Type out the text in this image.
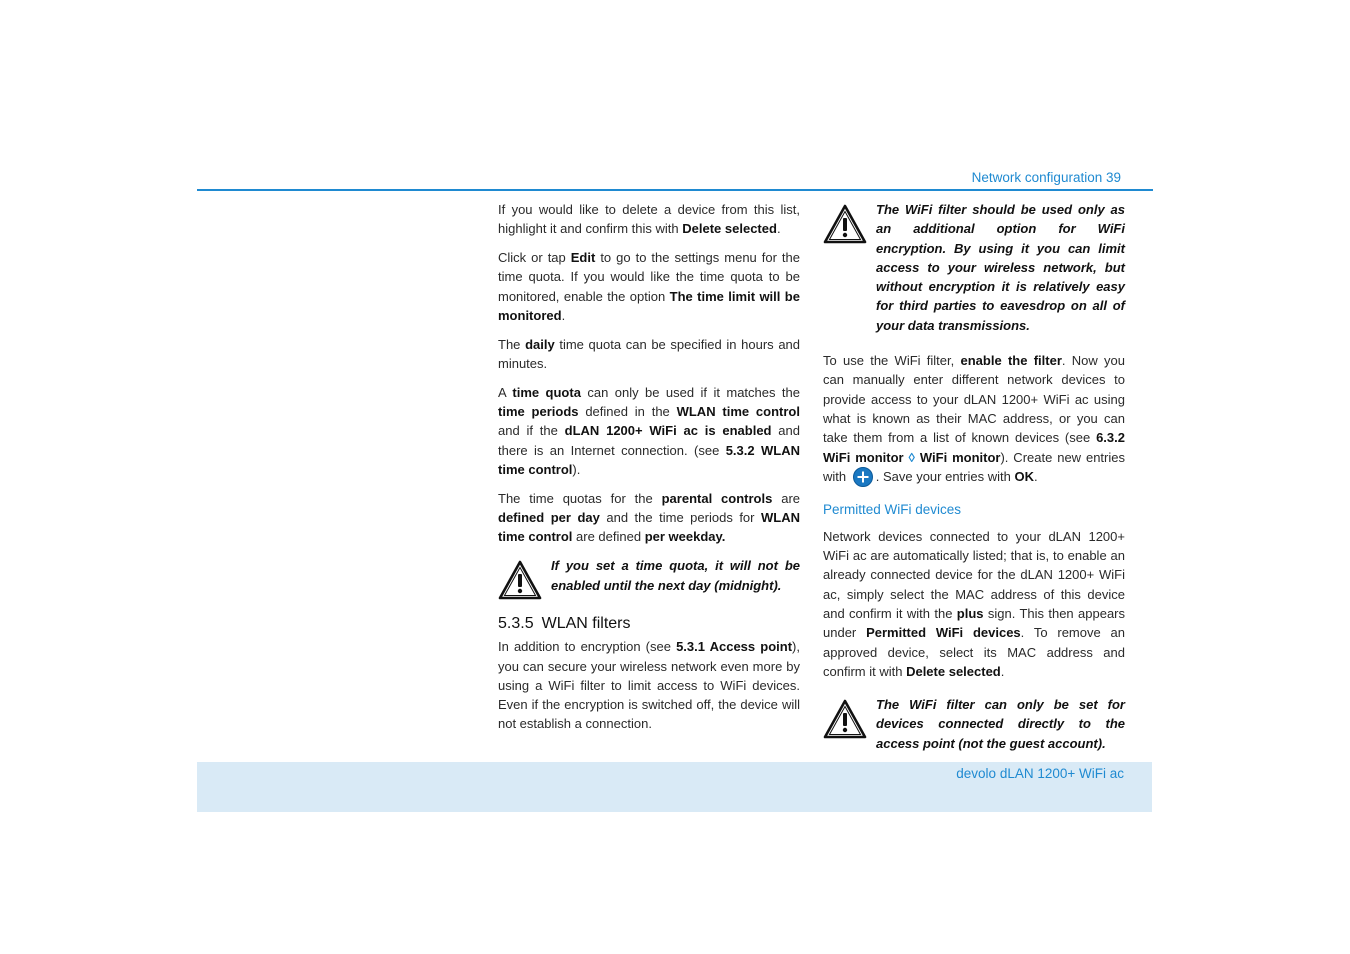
Network configuration 39

If you would like to delete a device from this list, highlight it and confirm this with Delete selected.

Click or tap Edit to go to the settings menu for the time quota. If you would like the time quota to be monitored, enable the option The time limit will be monitored.

The daily time quota can be specified in hours and minutes.

A time quota can only be used if it matches the time periods defined in the WLAN time control and if the dLAN 1200+ WiFi ac is enabled and there is an Internet connection. (see 5.3.2 WLAN time control).

The time quotas for the parental controls are defined per day and the time periods for WLAN time control are defined per weekday.

If you set a time quota, it will not be enabled until the next day (midnight).
5.3.5 WLAN filters

In addition to encryption (see 5.3.1 Access point), you can secure your wireless network even more by using a WiFi filter to limit access to WiFi devices. Even if the encryption is switched off, the device will not establish a connection.

The WiFi filter should be used only as an additional option for WiFi encryption. By using it you can limit access to your wireless network, but without encryption it is relatively easy for third parties to eavesdrop on all of your data transmissions.

To use the WiFi filter, enable the filter. Now you can manually enter different network devices to provide access to your dLAN 1200+ WiFi ac using what is known as their MAC address, or you can take them from a list of known devices (see 6.3.2 WiFi monitor ◊ WiFi monitor). Create new entries with . Save your entries with OK.

Permitted WiFi devices

Network devices connected to your dLAN 1200+ WiFi ac are automatically listed; that is, to enable an already connected device for the dLAN 1200+ WiFi ac, simply select the MAC address of this device and confirm it with the plus sign. This then appears under Permitted WiFi devices. To remove an approved device, select its MAC address and confirm it with Delete selected.

The WiFi filter can only be set for devices connected directly to the access point (not the guest account).
devolo dLAN 1200+ WiFi ac
